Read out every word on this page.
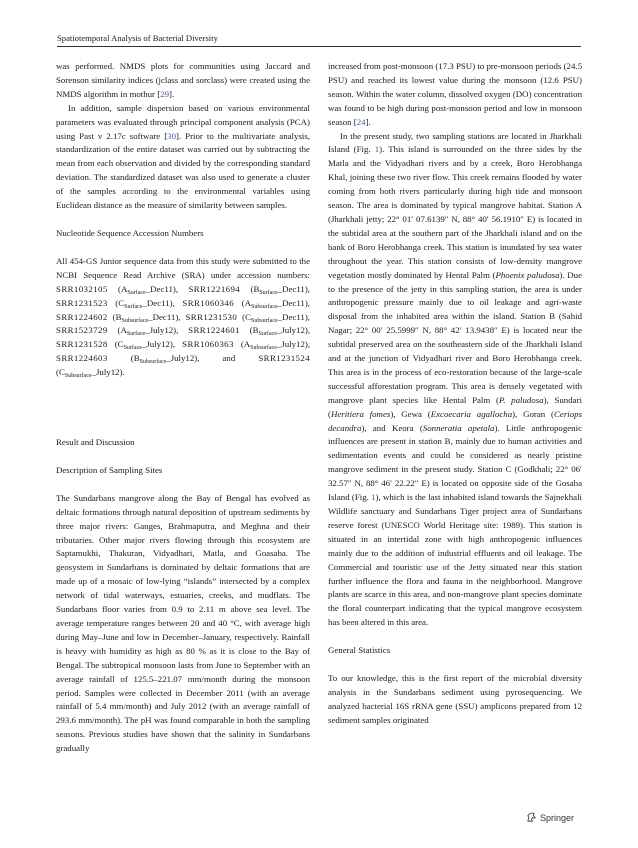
Spatiotemporal Analysis of Bacterial Diversity

was performed. NMDS plots for communities using Jaccard and Sorenson similarity indices (jclass and sorclass) were created using the NMDS algorithm in mothur [29].

In addition, sample dispersion based on various environmental parameters was evaluated through principal component analysis (PCA) using Past v 2.17c software [30]. Prior to the multivariate analysis, standardization of the entire dataset was carried out by subtracting the mean from each observation and divided by the corresponding standard deviation. The standardized dataset was also used to generate a cluster of the samples according to the environmental variables using Euclidean distance as the measure of similarity between samples.

Nucleotide Sequence Accession Numbers

All 454-GS Junior sequence data from this study were submitted to the NCBI Sequence Read Archive (SRA) under accession numbers: SRR1032105 $(A_{Surface}\_Dec11)$, SRR1221694 $(B_{Surface}\_Dec11)$, SRR1231523 $(C_{Surface}\_Dec11)$, SRR1060346 $(A_{Subsurface}\_Dec11)$, SRR1224602 $(B_{Subsurface}\_Dec11)$, SRR1231530 $(C_{Subsurface}\_Dec11)$, SRR1523729 $(A_{Surface}\_July12)$, SRR1224601 $(B_{Surface}\_July12)$, SRR1231528 $(C_{Surface}\_July12)$, SRR1060363 $(A_{Subsurface}\_July12)$, SRR1224603 $(B_{Subsurface}\_July12)$, and SRR1231524 $(C_{Subsurface}\_July12)$.

Result and Discussion

Description of Sampling Sites

The Sundarbans mangrove along the Bay of Bengal has evolved as deltaic formations through natural deposition of upstream sediments by three major rivers: Ganges, Brahmaputra, and Meghna and their tributaries. Other major rivers flowing through this ecosystem are Saptamukhi, Thakuran, Vidyadhari, Matla, and Goasaba. The geosystem in Sundarbans is dominated by deltaic formations that are made up of a mosaic of low-lying “islands” intersected by a complex network of tidal waterways, estuaries, creeks, and mudflats. The Sundarbans floor varies from 0.9 to 2.11 m above sea level. The average temperature ranges between 20 and 40 °C, with average high during May–June and low in December–January, respectively. Rainfall is heavy with humidity as high as 80 % as it is close to the Bay of Bengal. The subtropical monsoon lasts from June to September with an average rainfall of 125.5–221.07 mm/month during the monsoon period. Samples were collected in December 2011 (with an average rainfall of 5.4 mm/month) and July 2012 (with an average rainfall of 293.6 mm/month). The pH was found comparable in both the sampling seasons. Previous studies have shown that the salinity in Sundarbans gradually

increased from post-monsoon (17.3 PSU) to pre-monsoon periods (24.5 PSU) and reached its lowest value during the monsoon (12.6 PSU) season. Within the water column, dissolved oxygen (DO) concentration was found to be high during post-monsoon period and low in monsoon season [24].

In the present study, two sampling stations are located in Jharkhali Island (Fig. 1). This island is surrounded on the three sides by the Matla and the Vidyadhari rivers and by a creek, Boro Herobhanga Khal, joining these two river flow. This creek remains flooded by water coming from both rivers particularly during high tide and monsoon season. The area is dominated by typical mangrove habitat. Station A (Jharkhali jetty; 22° 01′ 07.6139″ N, 88° 40′ 56.1910″ E) is located in the subtidal area at the southern part of the Jharkhali island and on the bank of Boro Herobhanga creek. This station is inundated by sea water throughout the year. This station consists of low-density mangrove vegetation mostly dominated by Hental Palm (Phoenix paludosa). Due to the presence of the jetty in this sampling station, the area is under anthropogenic pressure mainly due to oil leakage and agri-waste disposal from the inhabited area within the island. Station B (Sahid Nagar; 22° 00′ 25.5999″ N, 88° 42′ 13.9438″ E) is located near the subtidal preserved area on the southeastern side of the Jharkhali Island and at the junction of Vidyadhari river and Boro Herobhanga creek. This area is in the process of eco-restoration because of the large-scale successful afforestation program. This area is densely vegetated with mangrove plant species like Hental Palm (P. paludosa), Sundari (Heritiera fomes), Gewa (Excoecaria agallocha), Goran (Ceriops decandra), and Keora (Sonneratia apetala). Little anthropogenic influences are present in station B, mainly due to human activities and sedimentation events and could be considered as nearly pristine mangrove sediment in the present study. Station C (Godkhali; 22° 06′ 32.57″ N, 88° 46′ 22.22″ E) is located on opposite side of the Gosaba Island (Fig. 1), which is the last inhabited island towards the Sajnekhali Wildlife sanctuary and Sundarbans Tiger project area of Sundarbans reserve forest (UNESCO World Heritage site: 1989). This station is situated in an intertidal zone with high anthropogenic influences mainly due to the addition of industrial effluents and oil leakage. The Commercial and touristic use of the Jetty situated near this station further influence the flora and fauna in the neighborhood. Mangrove plants are scarce in this area, and non-mangrove plant species dominate the floral counterpart indicating that the typical mangrove ecosystem has been altered in this area.

General Statistics

To our knowledge, this is the first report of the microbial diversity analysis in the Sundarbans sediment using pyrosequencing. We analyzed bacterial 16S rRNA gene (SSU) amplicons prepared from 12 sediment samples originated

Springer
